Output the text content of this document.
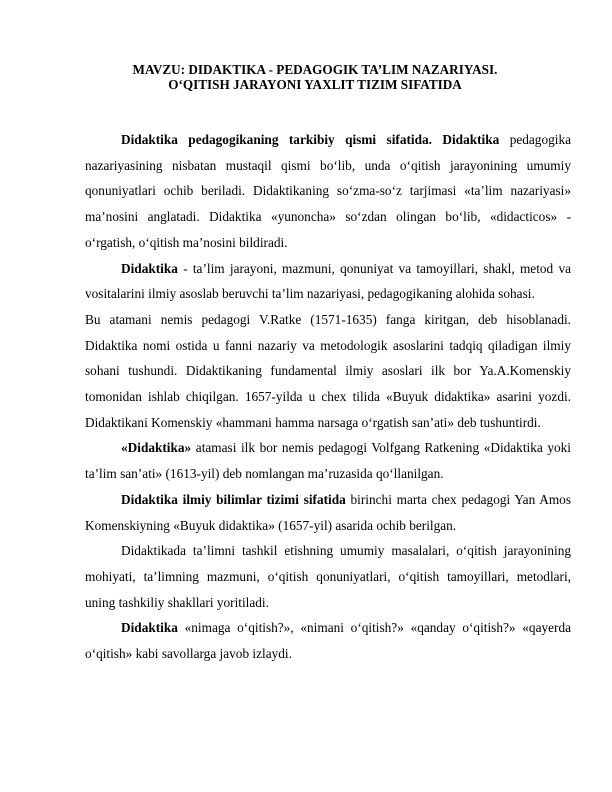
MAVZU: DIDAKTIKA - PEDAGOGIK TA’LIM NAZARIYASI.
O‘QITISH JARAYONI YAXLIT TIZIM SIFATIDA

Didaktika pedagogikaning tarkibiy qismi sifatida. Didaktika pedagogika nazariyasining nisbatan mustaqil qismi bo‘lib, unda o‘qitish jarayonining umumiy qonuniyatlari ochib beriladi. Didaktikaning so‘zma-so‘z tarjimasi «ta’lim nazariyasi» ma’nosini anglatadi. Didaktika «yunoncha» so‘zdan olingan bo‘lib, «didacticos» - o‘rgatish, o‘qitish ma’nosini bildiradi.

Didaktika - ta’lim jarayoni, mazmuni, qonuniyat va tamoyillari, shakl, metod va vositalarini ilmiy asoslab beruvchi ta’lim nazariyasi, pedagogikaning alohida sohasi.

Bu atamani nemis pedagogi V.Ratke (1571-1635) fanga kiritgan, deb hisoblanadi. Didaktika nomi ostida u fanni nazariy va metodologik asoslarini tadqiq qiladigan ilmiy sohani tushundi. Didaktikaning fundamental ilmiy asoslari ilk bor Ya.A.Komenskiy tomonidan ishlab chiqilgan. 1657-yilda u chex tilida «Buyuk didaktika» asarini yozdi. Didaktikani Komenskiy «hammani hamma narsaga o‘rgatish san’ati» deb tushuntirdi.

«Didaktika» atamasi ilk bor nemis pedagogi Volfgang Ratkening «Didaktika yoki ta’lim san’ati» (1613-yil) deb nomlangan ma’ruzasida qo‘llanilgan.

Didaktika ilmiy bilimlar tizimi sifatida birinchi marta chex pedagogi Yan Amos Komenskiyning «Buyuk didaktika» (1657-yil) asarida ochib berilgan.

Didaktikada ta’limni tashkil etishning umumiy masalalari, o‘qitish jarayonining mohiyati, ta’limning mazmuni, o‘qitish qonuniyatlari, o‘qitish tamoyillari, metodlari, uning tashkiliy shakllari yoritiladi.

Didaktika «nimaga o‘qitish?», «nimani o‘qitish?» «qanday o‘qitish?» «qayerda o‘qitish» kabi savollarga javob izlaydi.
